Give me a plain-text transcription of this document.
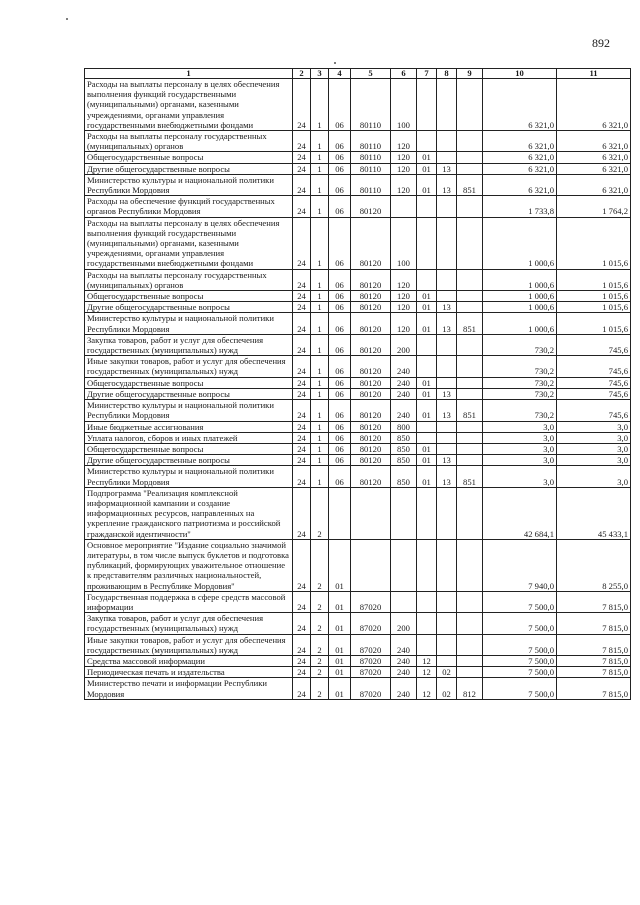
892
1	2	3	4	5	6	7	8	9	10	11
Расходы на выплаты персоналу в целях обеспечения выполнения функций государственными (муниципальными) органами, казенными учреждениями, органами управления государственными внебюджетными фондами	24	1	06	80110	100				6 321,0	6 321,0
Расходы на выплаты персоналу государственных (муниципальных) органов	24	1	06	80110	120				6 321,0	6 321,0
Общегосударственные вопросы	24	1	06	80110	120	01			6 321,0	6 321,0
Другие общегосударственные вопросы	24	1	06	80110	120	01	13		6 321,0	6 321,0
Министерство культуры и национальной политики Республики Мордовия	24	1	06	80110	120	01	13	851	6 321,0	6 321,0
Расходы на обеспечение функций государственных органов Республики Мордовия	24	1	06	80120					1 733,8	1 764,2
Расходы на выплаты персоналу в целях обеспечения выполнения функций государственными (муниципальными) органами, казенными учреждениями, органами управления государственными внебюджетными фондами	24	1	06	80120	100				1 000,6	1 015,6
Расходы на выплаты персоналу государственных (муниципальных) органов	24	1	06	80120	120				1 000,6	1 015,6
Общегосударственные вопросы	24	1	06	80120	120	01			1 000,6	1 015,6
Другие общегосударственные вопросы	24	1	06	80120	120	01	13		1 000,6	1 015,6
Министерство культуры и национальной политики Республики Мордовия	24	1	06	80120	120	01	13	851	1 000,6	1 015,6
Закупка товаров, работ и услуг для обеспечения государственных (муниципальных) нужд	24	1	06	80120	200				730,2	745,6
Иные закупки товаров, работ и услуг для обеспечения государственных (муниципальных) нужд	24	1	06	80120	240				730,2	745,6
Общегосударственные вопросы	24	1	06	80120	240	01			730,2	745,6
Другие общегосударственные вопросы	24	1	06	80120	240	01	13		730,2	745,6
Министерство культуры и национальной политики Республики Мордовия	24	1	06	80120	240	01	13	851	730,2	745,6
Иные бюджетные ассигнования	24	1	06	80120	800				3,0	3,0
Уплата налогов, сборов и иных платежей	24	1	06	80120	850				3,0	3,0
Общегосударственные вопросы	24	1	06	80120	850	01			3,0	3,0
Другие общегосударственные вопросы	24	1	06	80120	850	01	13		3,0	3,0
Министерство культуры и национальной политики Республики Мордовия	24	1	06	80120	850	01	13	851	3,0	3,0
Подпрограмма "Реализация комплексной информационной кампании и создание информационных ресурсов, направленных на укрепление гражданского патриотизма и российской гражданской идентичности"	24	2							42 684,1	45 433,1
Основное мероприятие "Издание социально значимой литературы, в том числе выпуск буклетов и подготовка публикаций, формирующих уважительное отношение к представителям различных национальностей, проживающим в Республике Мордовия"	24	2	01						7 940,0	8 255,0
Государственная поддержка в сфере средств массовой информации	24	2	01	87020					7 500,0	7 815,0
Закупка товаров, работ и услуг для обеспечения государственных (муниципальных) нужд	24	2	01	87020	200				7 500,0	7 815,0
Иные закупки товаров, работ и услуг для обеспечения государственных (муниципальных) нужд	24	2	01	87020	240				7 500,0	7 815,0
Средства массовой информации	24	2	01	87020	240	12			7 500,0	7 815,0
Периодическая печать и издательства	24	2	01	87020	240	12	02		7 500,0	7 815,0
Министерство печати и информации Республики Мордовия	24	2	01	87020	240	12	02	812	7 500,0	7 815,0
